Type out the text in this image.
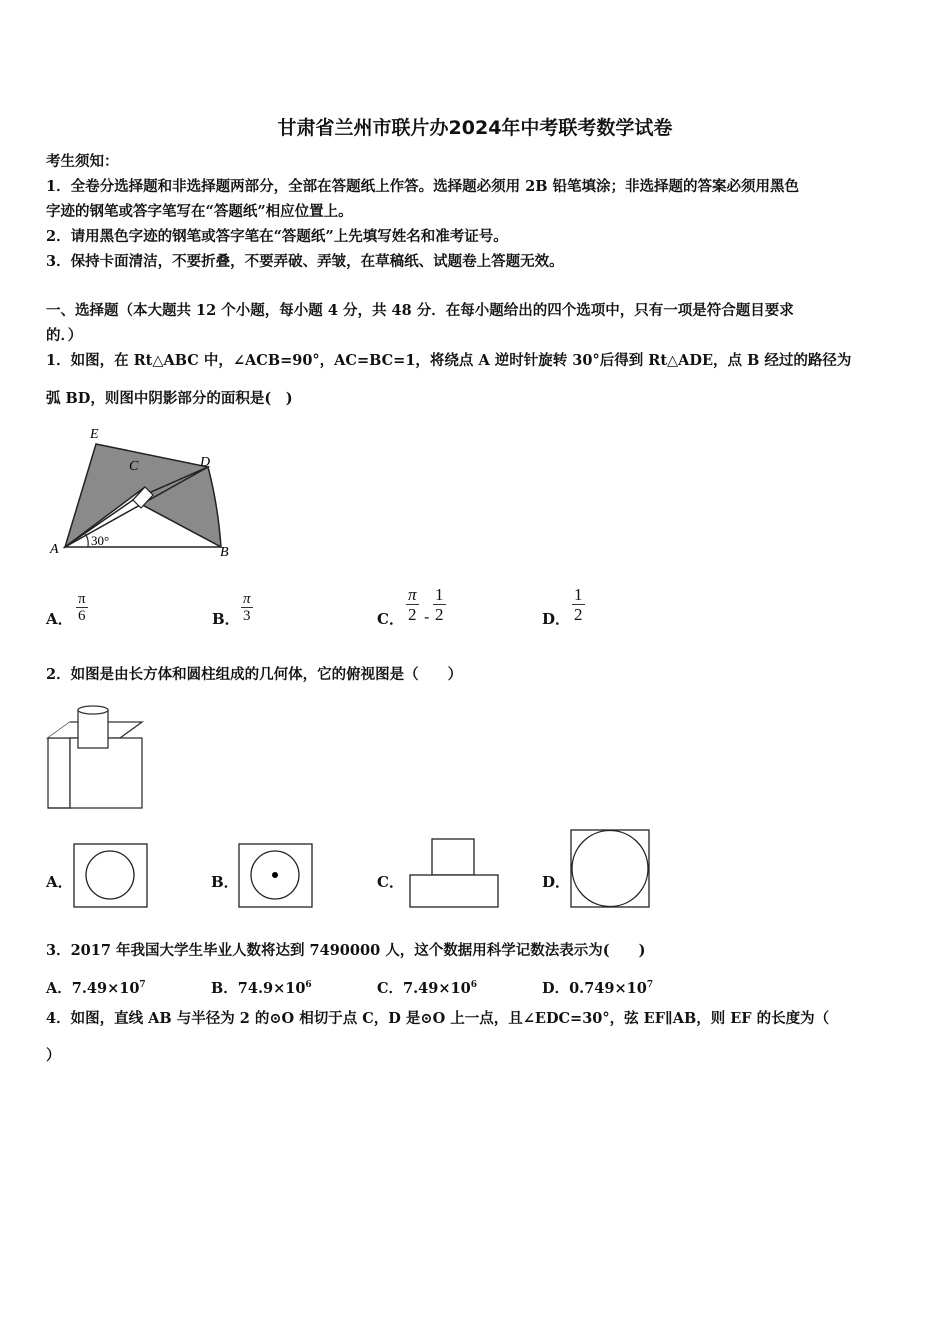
甘肃省兰州市联片办2024年中考联考数学试卷
考生须知：
1．全卷分选择题和非选择题两部分，全部在答题纸上作答。选择题必须用 2B 铅笔填涂；非选择题的答案必须用黑色
字迹的钢笔或答字笔写在“答题纸”相应位置上。
2．请用黑色字迹的钢笔或答字笔在“答题纸”上先填写姓名和准考证号。
3．保持卡面清洁，不要折叠，不要弄破、弄皱，在草稿纸、试题卷上答题无效。
一、选择题（本大题共 12 个小题，每小题 4 分，共 48 分．在每小题给出的四个选项中，只有一项是符合题目要求
的．）
1．如图，在 Rt△ABC 中，∠ACB=90°，AC=BC=1，将绕点 A 逆时针旋转 30°后得到 Rt△ADE，点 B 经过的路径为
弧 BD，则图中阴影部分的面积是(　)
E
C	D
A	B
30°
A． $\frac{\pi}{6}$	B． $\frac{\pi}{3}$	C． $\frac{\pi}{2} - \frac{1}{2}$	D． $\frac{1}{2}$
2．如图是由长方体和圆柱组成的几何体，它的俯视图是（　　）
A．	B．	C．	D．
3．2017 年我国大学生毕业人数将达到 7490000 人，这个数据用科学记数法表示为(　　)
A．$7.49\times 10^7$	B．$74.9\times 10^6$	C．$7.49\times 10^6$	D．$0.749\times 10^7$
4．如图，直线 AB 与半径为 2 的⊙O 相切于点 C，D 是⊙O 上一点，且∠EDC=30°，弦 EF∥AB，则 EF 的长度为（
）
